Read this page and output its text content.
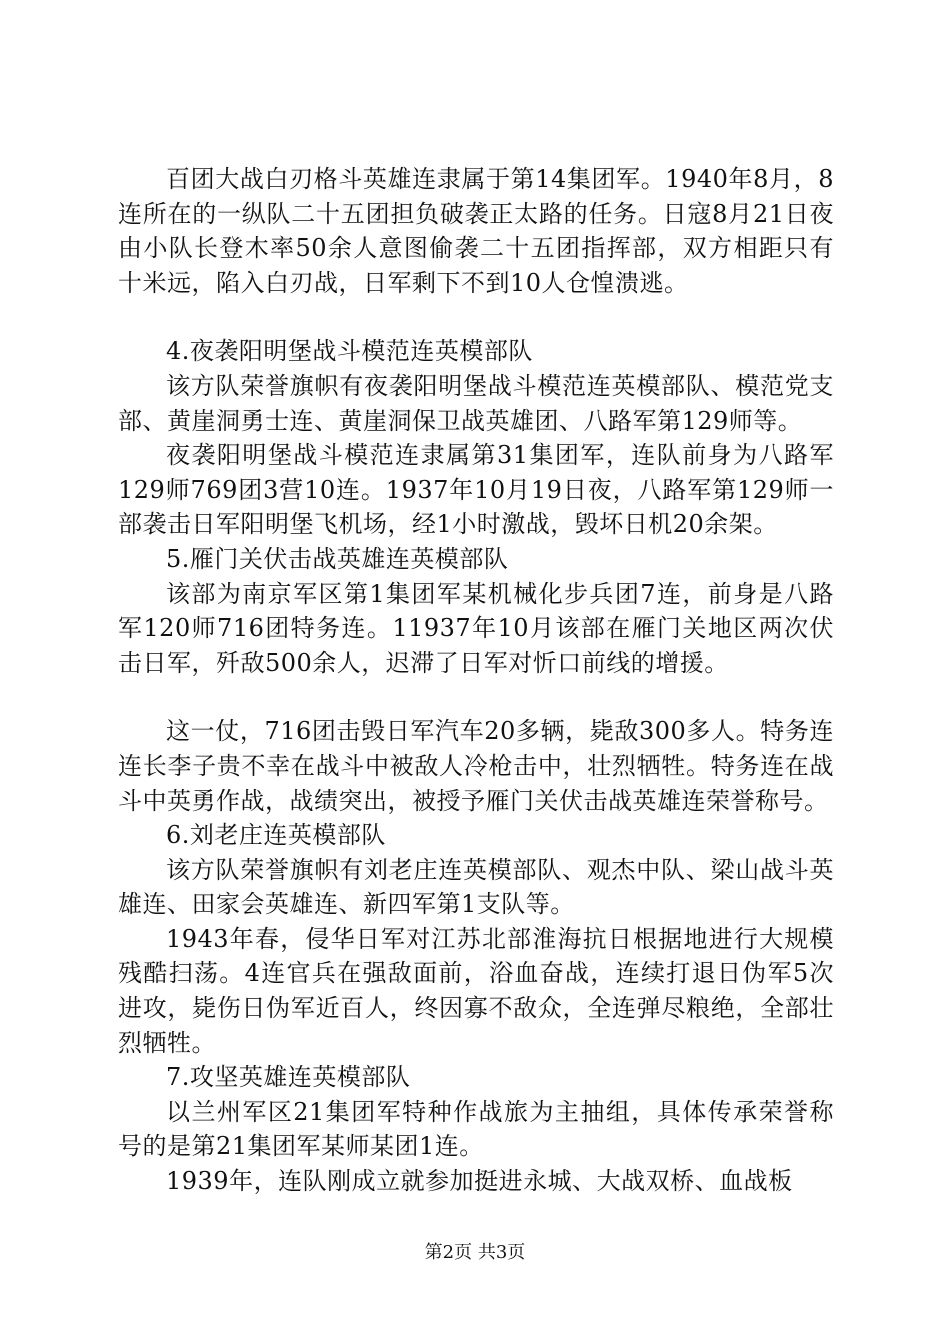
百团大战白刃格斗英雄连隶属于第14集团军。1940年8月，8连所在的一纵队二十五团担负破袭正太路的任务。日寇8月21日夜由小队长登木率50余人意图偷袭二十五团指挥部，双方相距只有十米远，陷入白刃战，日军剩下不到10人仓惶溃逃。

4.夜袭阳明堡战斗模范连英模部队

该方队荣誉旗帜有夜袭阳明堡战斗模范连英模部队、模范党支部、黄崖洞勇士连、黄崖洞保卫战英雄团、八路军第129师等。

夜袭阳明堡战斗模范连隶属第31集团军，连队前身为八路军129师769团3营10连。1937年10月19日夜，八路军第129师一部袭击日军阳明堡飞机场，经1小时激战，毁坏日机20余架。

5.雁门关伏击战英雄连英模部队

该部为南京军区第1集团军某机械化步兵团7连，前身是八路军120师716团特务连。11937年10月该部在雁门关地区两次伏击日军，歼敌500余人，迟滞了日军对忻口前线的增援。

这一仗，716团击毁日军汽车20多辆，毙敌300多人。特务连连长李子贵不幸在战斗中被敌人冷枪击中，壮烈牺牲。特务连在战斗中英勇作战，战绩突出，被授予雁门关伏击战英雄连荣誉称号。

6.刘老庄连英模部队

该方队荣誉旗帜有刘老庄连英模部队、观杰中队、梁山战斗英雄连、田家会英雄连、新四军第1支队等。

1943年春，侵华日军对江苏北部淮海抗日根据地进行大规模残酷扫荡。4连官兵在强敌面前，浴血奋战，连续打退日伪军5次进攻，毙伤日伪军近百人，终因寡不敌众，全连弹尽粮绝，全部壮烈牺牲。

7.攻坚英雄连英模部队

以兰州军区21集团军特种作战旅为主抽组，具体传承荣誉称号的是第21集团军某师某团1连。

1939年，连队刚成立就参加挺进永城、大战双桥、血战板

第2页 共3页
